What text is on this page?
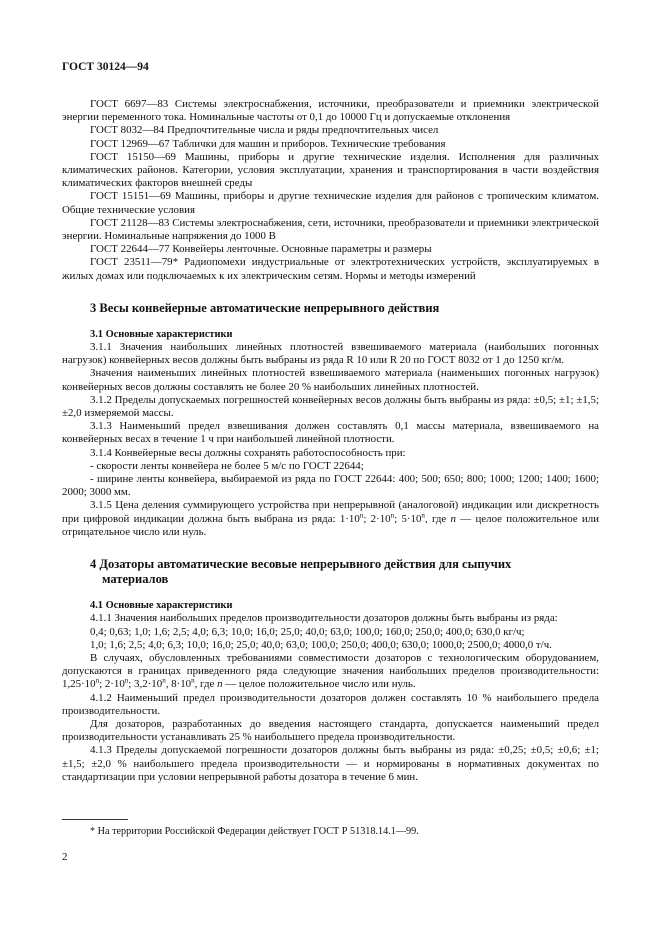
ГОСТ 30124—94

ГОСТ 6697—83 Системы электроснабжения, источники, преобразователи и приемники электрической энергии переменного тока. Номинальные частоты от 0,1 до 10000 Гц и допускаемые отклонения

ГОСТ 8032—84 Предпочтительные числа и ряды предпочтительных чисел

ГОСТ 12969—67 Таблички для машин и приборов. Технические требования

ГОСТ 15150—69 Машины, приборы и другие технические изделия. Исполнения для различных климатических районов. Категории, условия эксплуатации, хранения и транспортирования в части воздействия климатических факторов внешней среды

ГОСТ 15151—69 Машины, приборы и другие технические изделия для районов с тропическим климатом. Общие технические условия

ГОСТ 21128—83 Системы электроснабжения, сети, источники, преобразователи и приемники электрической энергии. Номинальные напряжения до 1000 В

ГОСТ 22644—77 Конвейеры ленточные. Основные параметры и размеры

ГОСТ 23511—79* Радиопомехи индустриальные от электротехнических устройств, эксплуатируемых в жилых домах или подключаемых к их электрическим сетям. Нормы и методы измерений

3 Весы конвейерные автоматические непрерывного действия
3.1 Основные характеристики

3.1.1 Значения наибольших линейных плотностей взвешиваемого материала (наибольших погонных нагрузок) конвейерных весов должны быть выбраны из ряда R 10 или R 20 по ГОСТ 8032 от 1 до 1250 кг/м.

Значения наименьших линейных плотностей взвешиваемого материала (наименьших погонных нагрузок) конвейерных весов должны составлять не более 20 % наибольших линейных плотностей.

3.1.2 Пределы допускаемых погрешностей конвейерных весов должны быть выбраны из ряда: ±0,5; ±1; ±1,5; ±2,0 измеряемой массы.

3.1.3 Наименьший предел взвешивания должен составлять 0,1 массы материала, взвешиваемого на конвейерных весах в течение 1 ч при наибольшей линейной плотности.

3.1.4 Конвейерные весы должны сохранять работоспособность при:

- скорости ленты конвейера не более 5 м/с по ГОСТ 22644;

- ширине ленты конвейера, выбираемой из ряда по ГОСТ 22644: 400; 500; 650; 800; 1000; 1200; 1400; 1600; 2000; 3000 мм.

3.1.5 Цена деления суммирующего устройства при непрерывной (аналоговой) индикации или дискретность при цифровой индикации должна быть выбрана из ряда: $1\cdot 10^n$; $2\cdot 10^n$; $5\cdot 10^n$, где n — целое положительное или отрицательное число или нуль.

4 Дозаторы автоматические весовые непрерывного действия для сыпучих
материалов
4.1 Основные характеристики

4.1.1 Значения наибольших пределов производительности дозаторов должны быть выбраны из ряда:

0,4; 0,63; 1,0; 1,6; 2,5; 4,0; 6,3; 10,0; 16,0; 25,0; 40,0; 63,0; 100,0; 160,0; 250,0; 400,0; 630,0 кг/ч;
1,0; 1,6; 2,5; 4,0; 6,3; 10,0; 16,0; 25,0; 40,0; 63,0; 100,0; 250,0; 400,0; 630,0; 1000,0; 2500,0; 4000,0 т/ч.

В случаях, обусловленных требованиями совместимости дозаторов с технологическим оборудованием, допускаются в границах приведенного ряда следующие значения наибольших пределов производительности: $1,25\cdot 10^n$; $2\cdot 10^n$; $3,2\cdot 10^n$, $8\cdot 10^n$, где n — целое положительное число или нуль.

4.1.2 Наименьший предел производительности дозаторов должен составлять 10 % наибольшего предела производительности.

Для дозаторов, разработанных до введения настоящего стандарта, допускается наименьший предел производительности устанавливать 25 % наибольшего предела производительности.

4.1.3 Пределы допускаемой погрешности дозаторов должны быть выбраны из ряда: ±0,25; ±0,5; ±0,6; ±1; ±1,5; ±2,0 % наибольшего предела производительности — и нормированы в нормативных документах по стандартизации при условии непрерывной работы дозатора в течение 6 мин.

* На территории Российской Федерации действует ГОСТ Р 51318.14.1—99.
2
